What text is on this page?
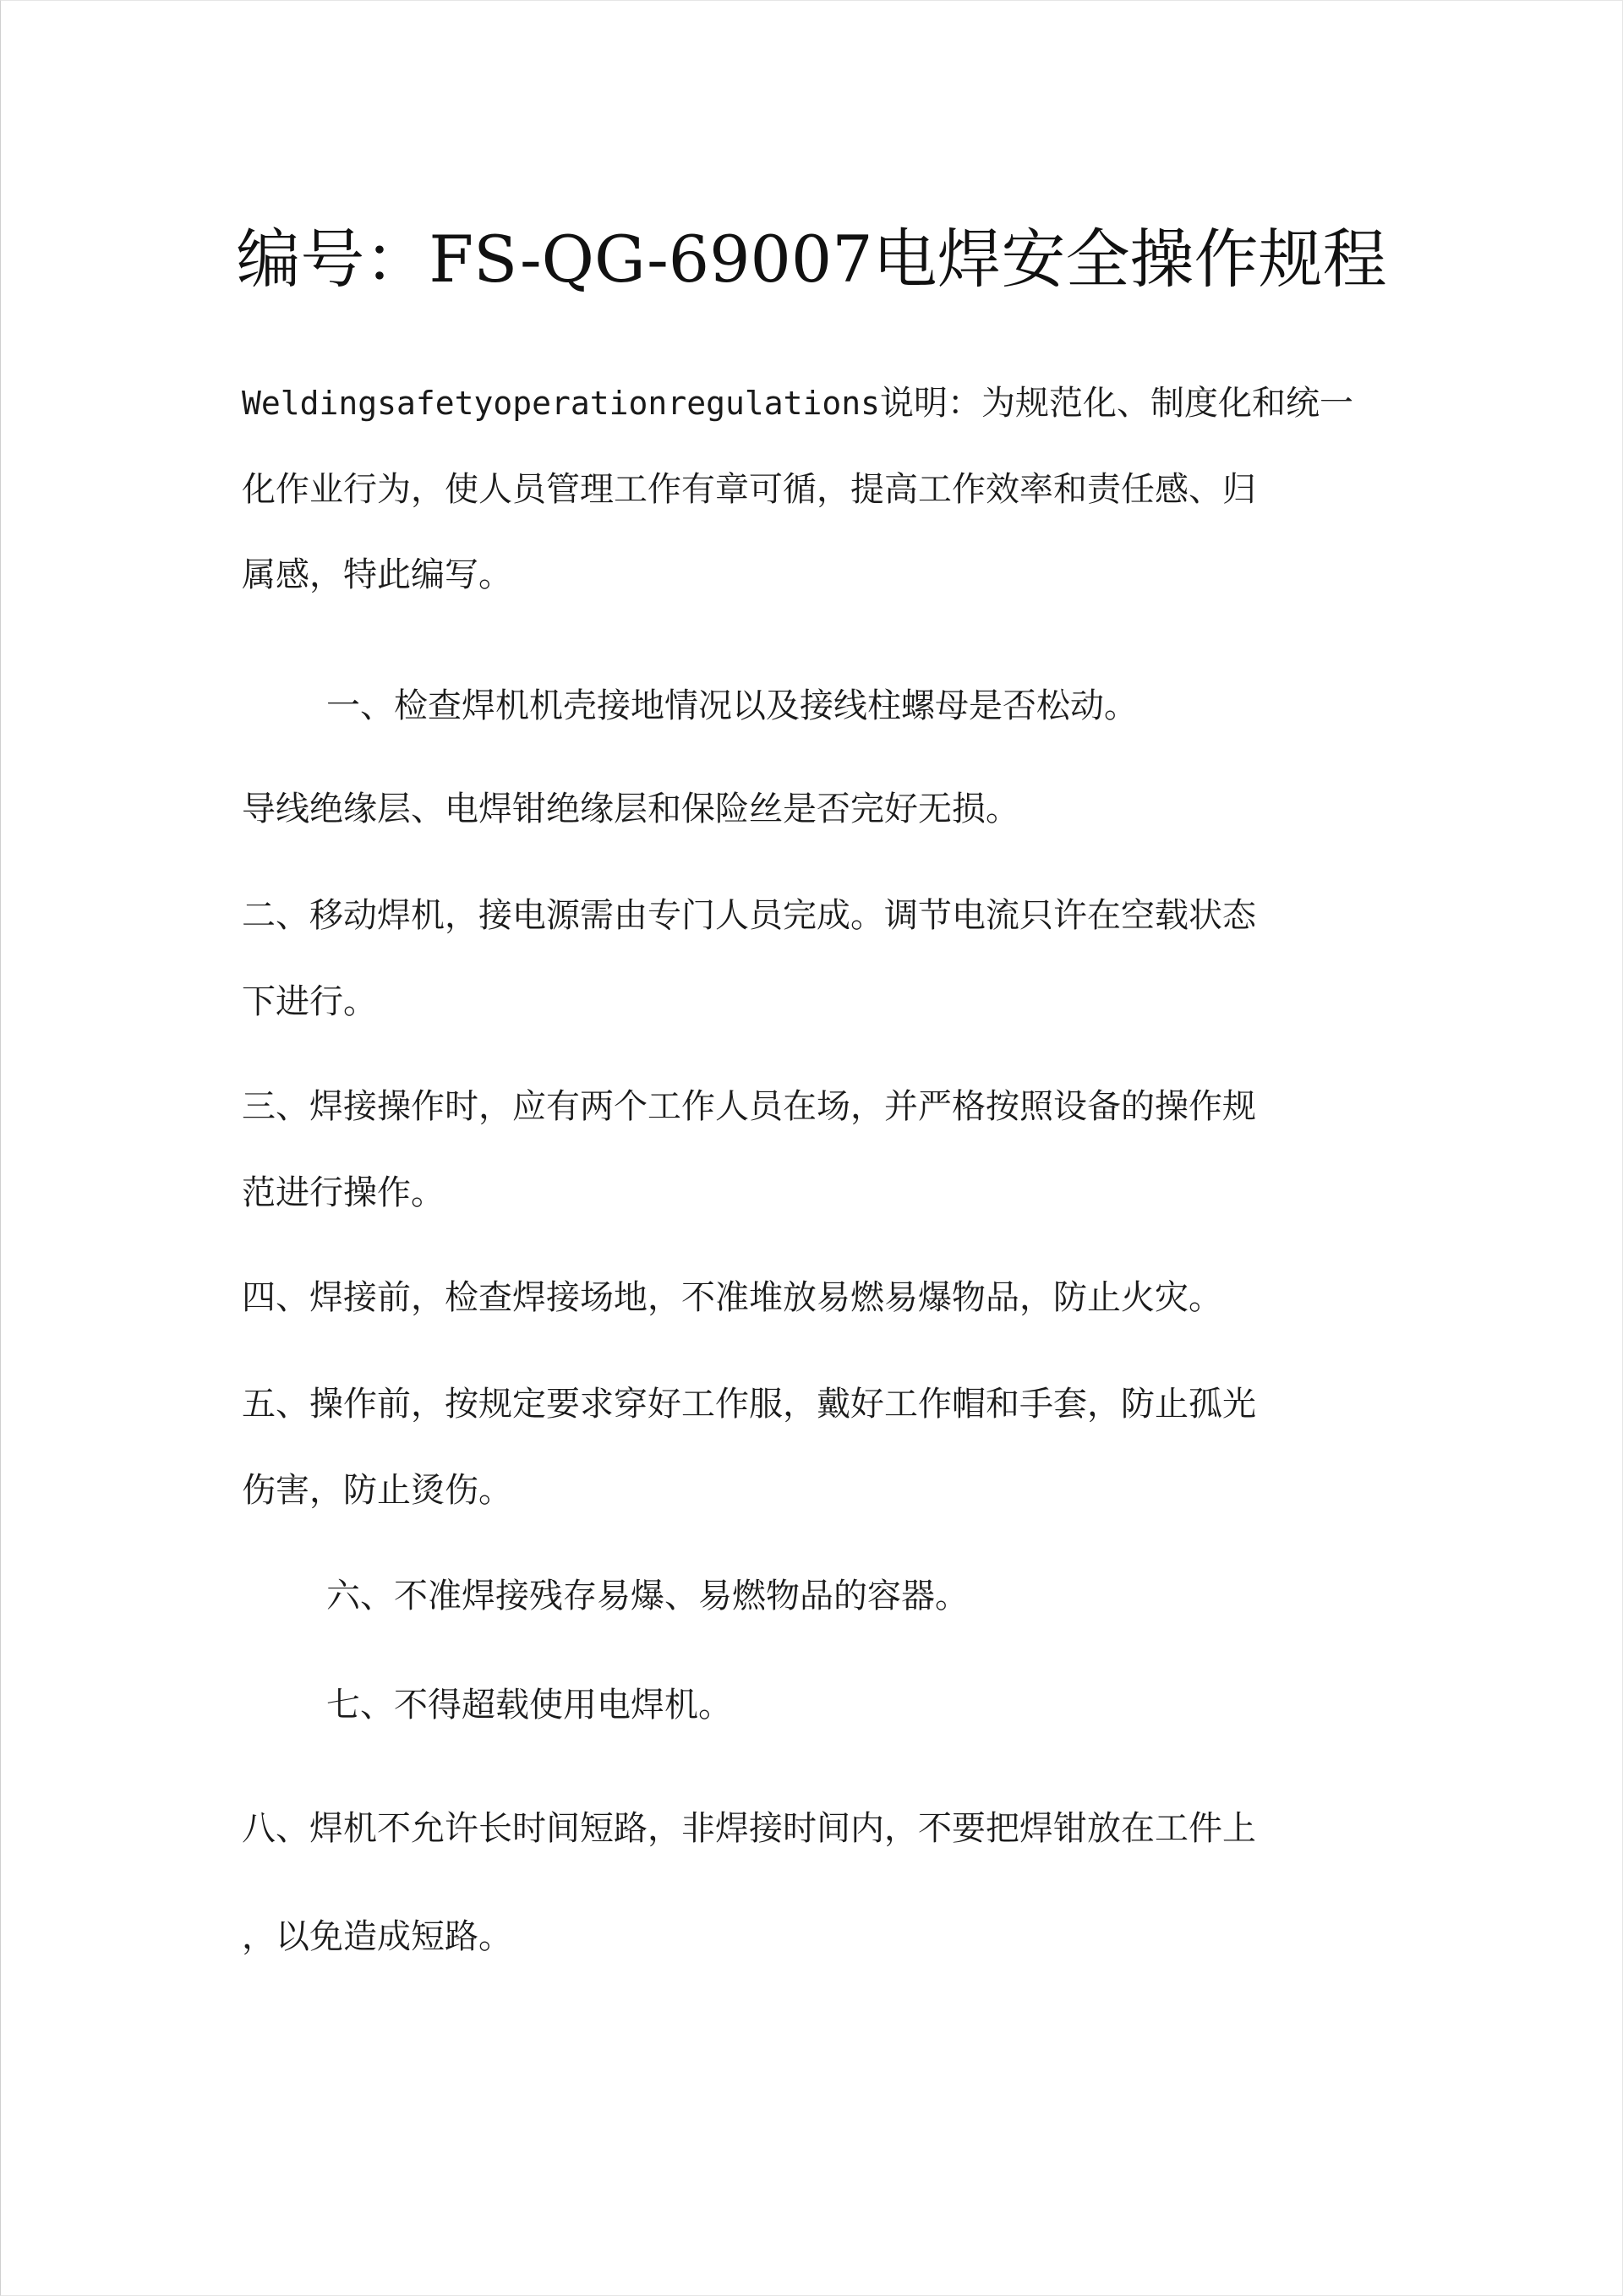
编号：FS-QG-69007电焊安全操作规程
Weldingsafetyoperationregulations说明：为规范化、制度化和统一
化作业行为，使人员管理工作有章可循，提高工作效率和责任感、归
属感，特此编写。
一、检查焊机机壳接地情况以及接线柱螺母是否松动。
导线绝缘层、电焊钳绝缘层和保险丝是否完好无损。
二、移动焊机，接电源需由专门人员完成。调节电流只许在空载状态
下进行。
三、焊接操作时，应有两个工作人员在场，并严格按照设备的操作规
范进行操作。
四、焊接前，检查焊接场地，不准堆放易燃易爆物品，防止火灾。
五、操作前，按规定要求穿好工作服，戴好工作帽和手套，防止孤光
伤害，防止烫伤。
六、不准焊接残存易爆、易燃物品的容器。
七、不得超载使用电焊机。
八、焊机不允许长时间短路，非焊接时间内，不要把焊钳放在工件上
，以免造成短路。
